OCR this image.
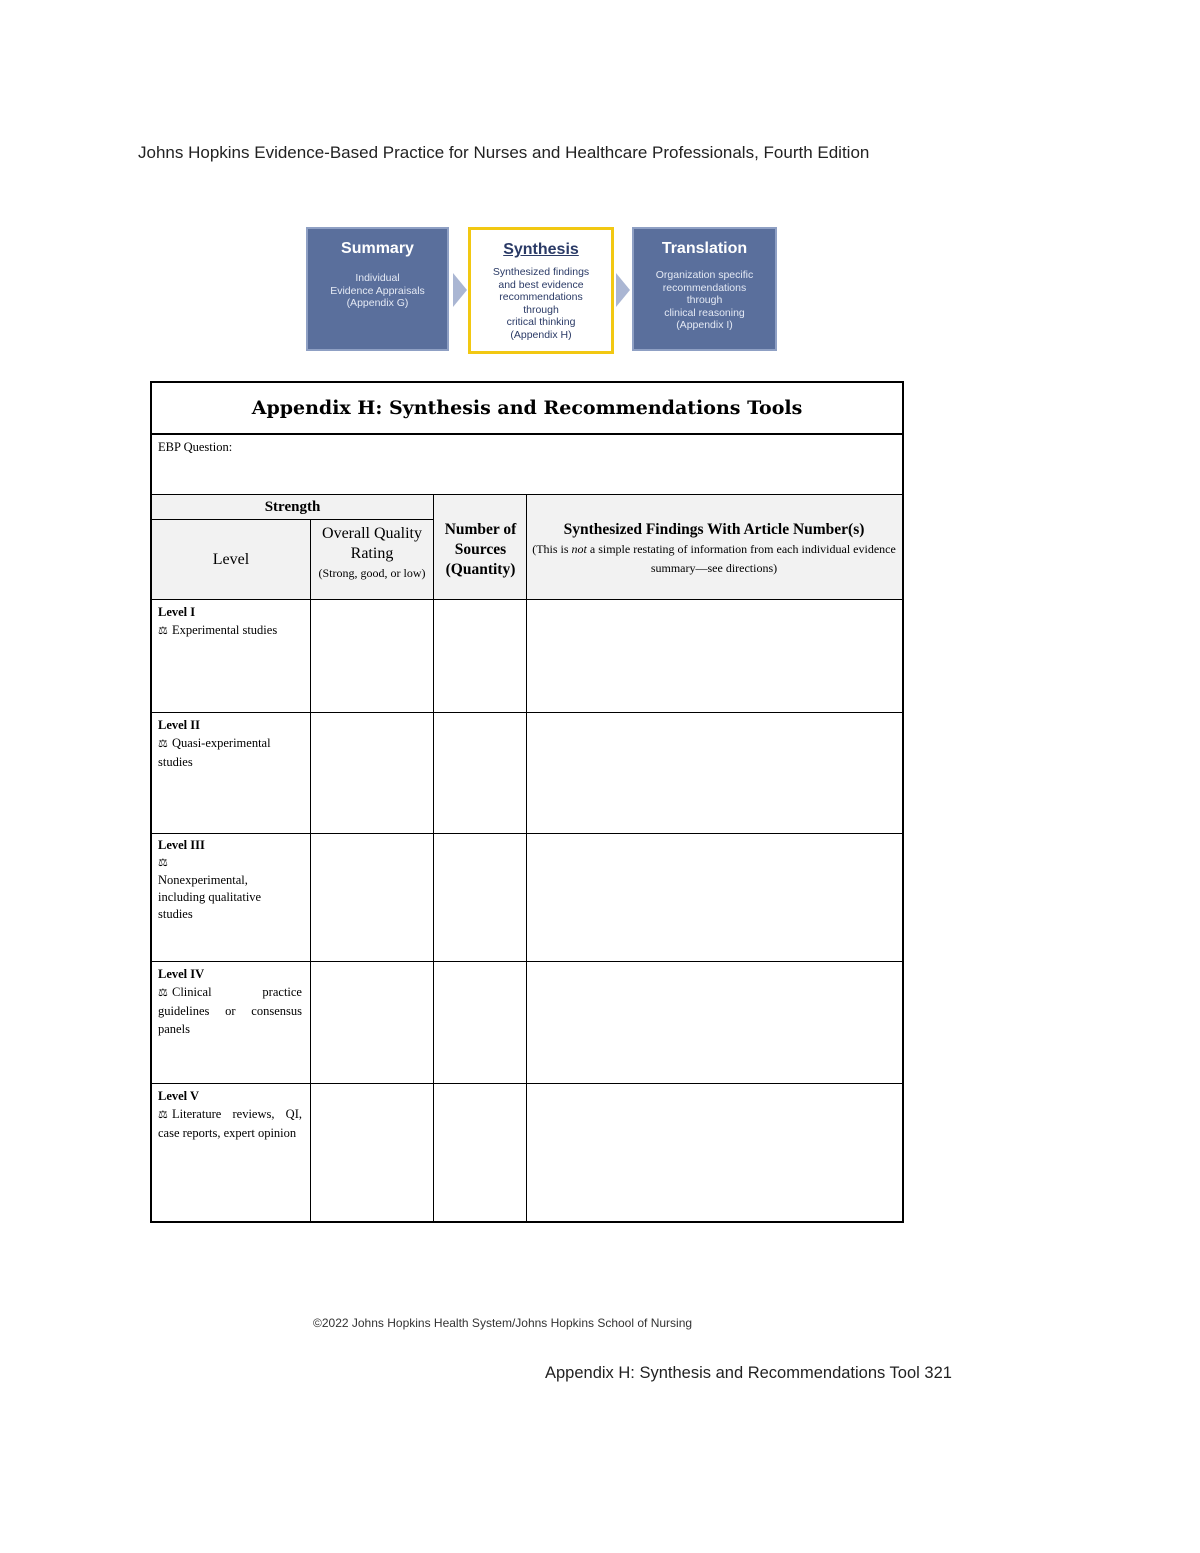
Johns Hopkins Evidence-Based Practice for Nurses and Healthcare Professionals, Fourth Edition
Summary
Individual
Evidence Appraisals
(Appendix G)
Synthesis
Synthesized findings
and best evidence
recommendations
through
critical thinking
(Appendix H)
Translation
Organization specific
recommendations
through
clinical reasoning
(Appendix I)
Appendix H: Synthesis and Recommendations Tools
EBP Question:
Strength
Level
Overall Quality Rating
(Strong, good, or low)
Number of Sources (Quantity)
Synthesized Findings With Article Number(s)
(This is not a simple restating of information from each individual evidence summary—see directions)
Level I
⚖ Experimental studies
Level II
⚖ Quasi-experimental studies
Level III
⚖

Nonexperimental, including qualitative studies
Level IV
⚖ Clinical practice guidelines or consensus panels
Level V
⚖ Literature reviews, QI, case reports, expert opinion
©2022 Johns Hopkins Health System/Johns Hopkins School of Nursing
Appendix H: Synthesis and Recommendations Tool 321
